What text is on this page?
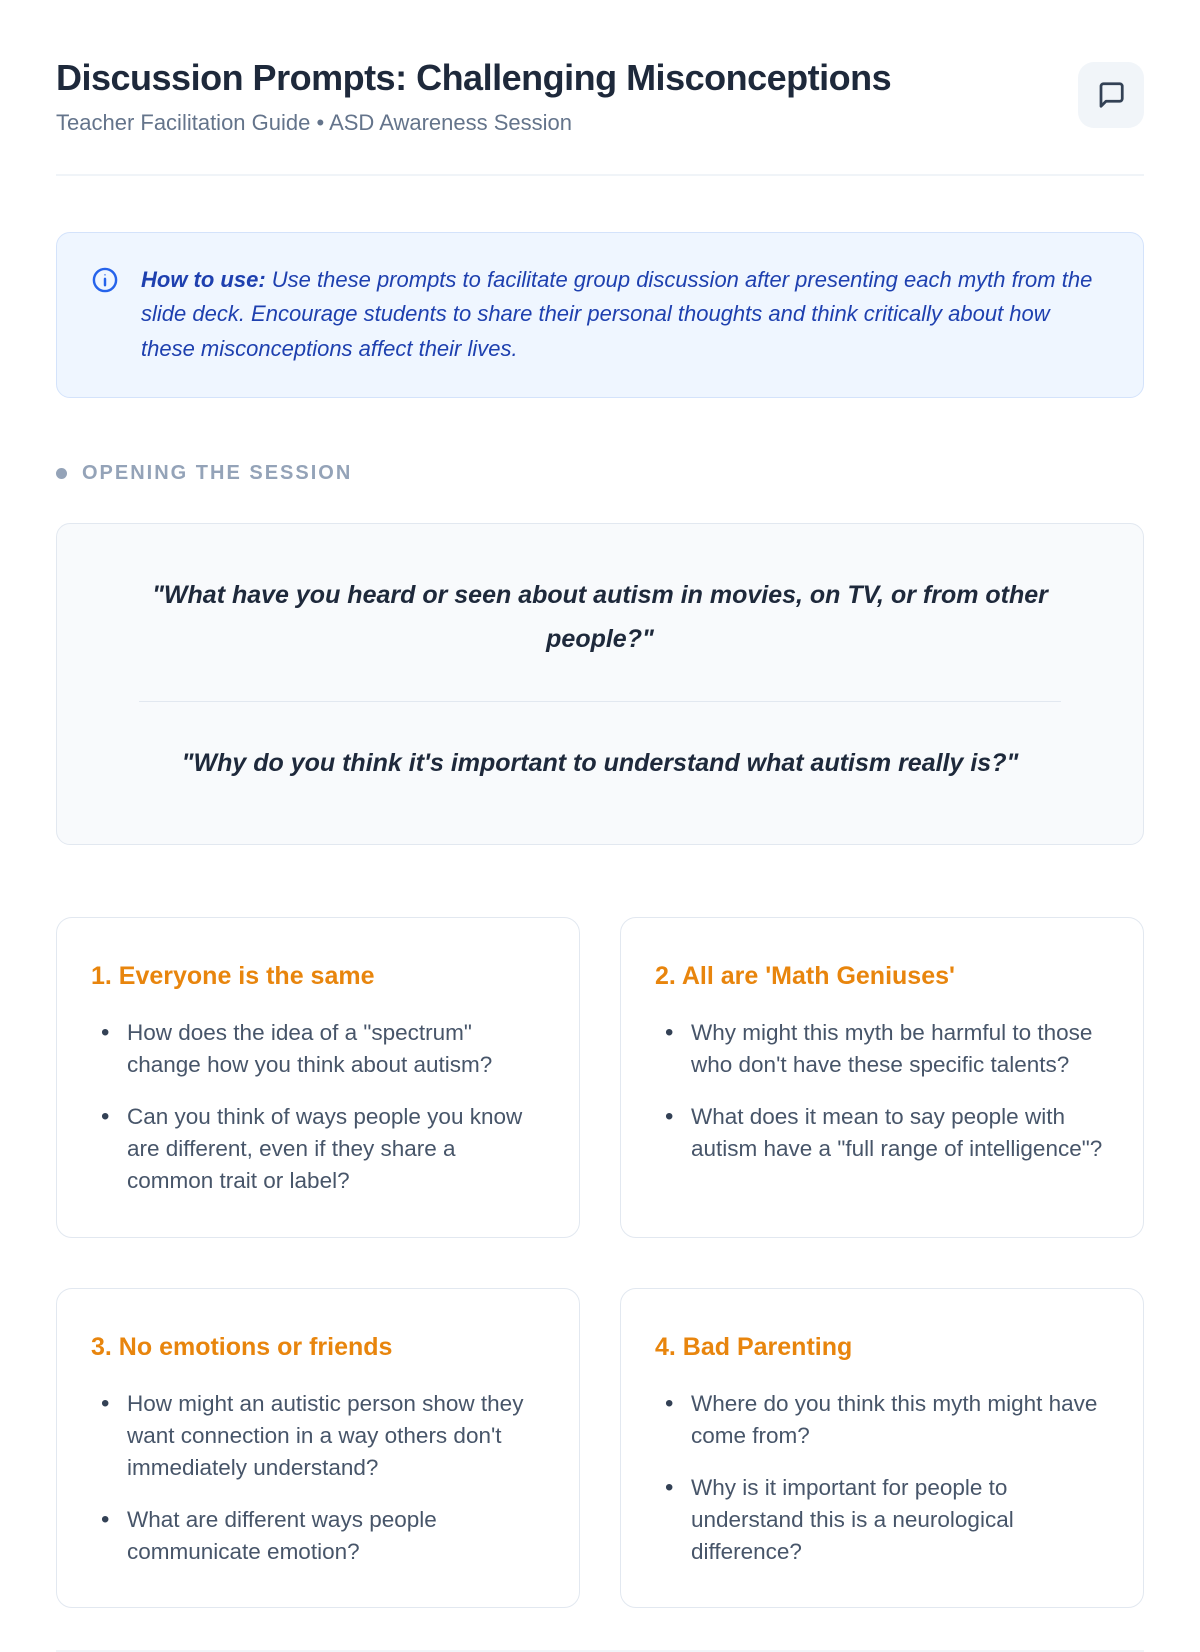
Discussion Prompts: Challenging Misconceptions
Teacher Facilitation Guide • ASD Awareness Session
How to use: Use these prompts to facilitate group discussion after presenting each myth from the slide deck. Encourage students to share their personal thoughts and think critically about how these misconceptions affect their lives.
OPENING THE SESSION

"What have you heard or seen about autism in movies, on TV, or from other people?"

"Why do you think it's important to understand what autism really is?"

1. Everyone is the same
• How does the idea of a "spectrum" change how you think about autism?
• Can you think of ways people you know are different, even if they share a common trait or label?
2. All are 'Math Geniuses'
• Why might this myth be harmful to those who don't have these specific talents?
• What does it mean to say people with autism have a "full range of intelligence"?
3. No emotions or friends
• How might an autistic person show they want connection in a way others don't immediately understand?
• What are different ways people communicate emotion?
4. Bad Parenting
• Where do you think this myth might have come from?
• Why is it important for people to understand this is a neurological difference?
